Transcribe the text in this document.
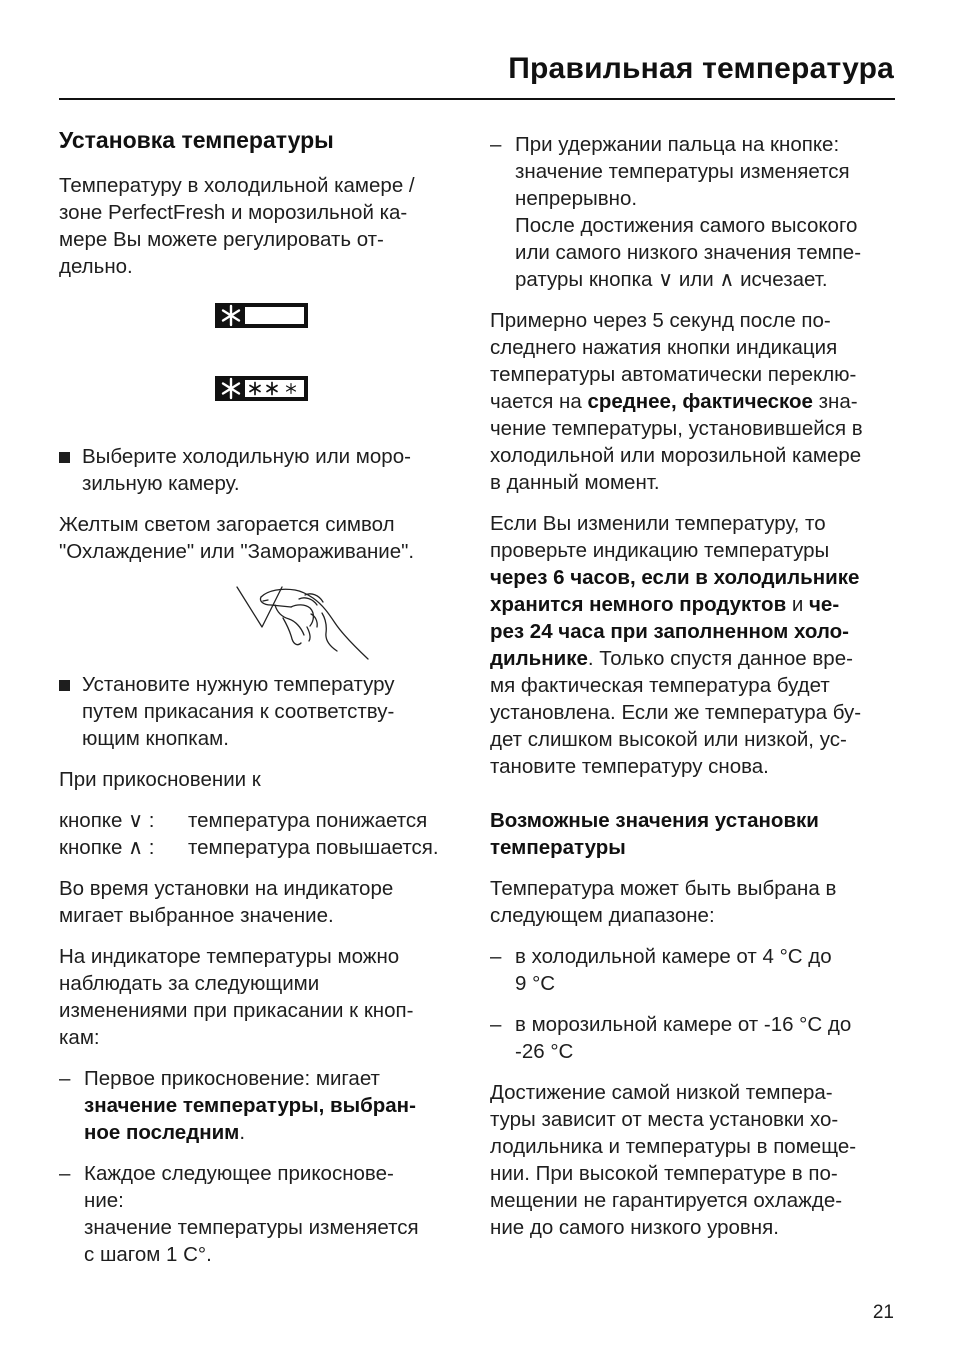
Правильная температура

Установка температуры

Температуру в холодильной камере /
зоне PerfectFresh и морозильной ка-
мере Вы можете регулировать от-
дельно.

Выберите холодильную или моро-
зильную камеру.

Желтым светом загорается символ
"Охлаждение" или "Замораживание".

Установите нужную температуру
путем прикасания к соответству-
ющим кнопкам.

При прикосновении к

кнопке ∨ :	температура понижается
кнопке ∧ :	температура повышается.

Во время установки на индикаторе
мигает выбранное значение.

На индикаторе температуры можно
наблюдать за следующими
изменениями при прикасании к кноп-
кам:

– Первое прикосновение: мигает
значение температуры, выбран-
ное последним.
– Каждое следующее прикоснове-
ние:
значение температуры изменяется
с шагом 1 C°.
– При удержании пальца на кнопке:
значение температуры изменяется
непрерывно.
После достижения самого высокого
или самого низкого значения темпе-
ратуры кнопка ∨ или ∧ исчезает.

Примерно через 5 секунд после по-
следнего нажатия кнопки индикация
температуры автоматически переклю-
чается на среднее, фактическое зна-
чение температуры, установившейся в
холодильной или морозильной камере
в данный момент.

Если Вы изменили температуру, то
проверьте индикацию температуры
через 6 часов, если в холодильнике
хранится немного продуктов и че-
рез 24 часа при заполненном холо-
дильнике. Только спустя данное вре-
мя фактическая температура будет
установлена. Если же температура бу-
дет слишком высокой или низкой, ус-
тановите температуру снова.

Возможные значения установки
температуры

Температура может быть выбрана в
следующем диапазоне:

– в холодильной камере от 4 °C до
9 °C
– в морозильной камере от -16 °C до
-26 °C

Достижение самой низкой темпера-
туры зависит от места установки хо-
лодильника и температуры в помеще-
нии. При высокой температуре в по-
мещении не гарантируется охлажде-
ние до самого низкого уровня.

21
